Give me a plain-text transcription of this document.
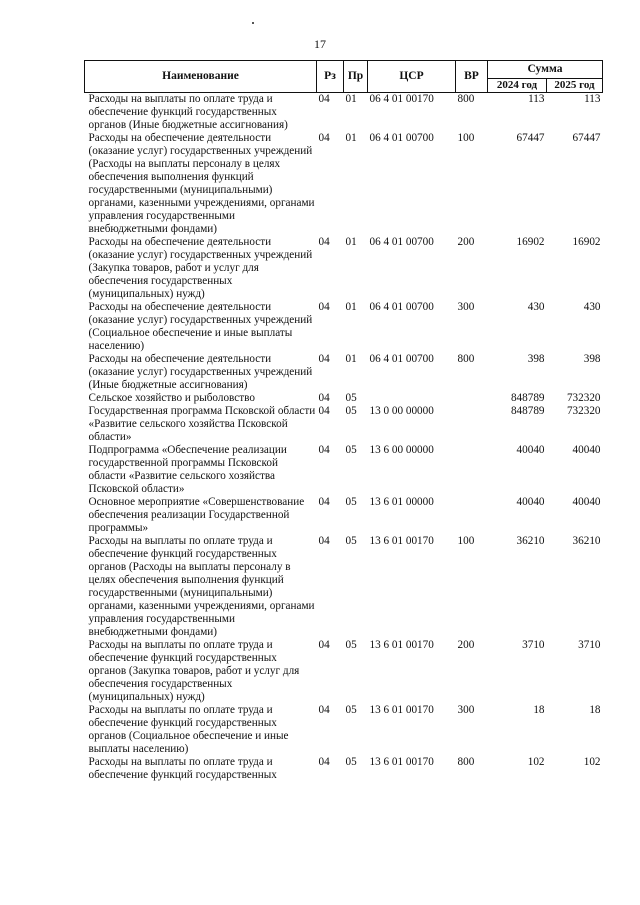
17
Наименование	Рз	Пр	ЦСР	ВР	Сумма	
					2024 год	2025 год
Расходы на выплаты по оплате труда и обеспечение функций государственных органов (Иные бюджетные ассигнования)	04	01	06 4 01 00170	800	113	113
Расходы на обеспечение деятельности (оказание услуг) государственных учреждений (Расходы на выплаты персоналу в целях обеспечения выполнения функций государственными (муниципальными) органами, казенными учреждениями, органами управления государственными внебюджетными фондами)	04	01	06 4 01 00700	100	67447	67447
Расходы на обеспечение деятельности (оказание услуг) государственных учреждений (Закупка товаров, работ и услуг для обеспечения государственных (муниципальных) нужд)	04	01	06 4 01 00700	200	16902	16902
Расходы на обеспечение деятельности (оказание услуг) государственных учреждений (Социальное обеспечение и иные выплаты населению)	04	01	06 4 01 00700	300	430	430
Расходы на обеспечение деятельности (оказание услуг) государственных учреждений (Иные бюджетные ассигнования)	04	01	06 4 01 00700	800	398	398
Сельское хозяйство и рыболовство	04	05			848789	732320
Государственная программа Псковской области «Развитие сельского хозяйства Псковской области»	04	05	13 0 00 00000		848789	732320
Подпрограмма «Обеспечение реализации государственной программы Псковской области «Развитие сельского хозяйства Псковской области»	04	05	13 6 00 00000		40040	40040
Основное мероприятие «Совершенствование обеспечения реализации Государственной программы»	04	05	13 6 01 00000		40040	40040
Расходы на выплаты по оплате труда и обеспечение функций государственных органов (Расходы на выплаты персоналу в целях обеспечения выполнения функций государственными (муниципальными) органами, казенными учреждениями, органами управления государственными внебюджетными фондами)	04	05	13 6 01 00170	100	36210	36210
Расходы на выплаты по оплате труда и обеспечение функций государственных органов (Закупка товаров, работ и услуг для обеспечения государственных (муниципальных) нужд)	04	05	13 6 01 00170	200	3710	3710
Расходы на выплаты по оплате труда и обеспечение функций государственных органов (Социальное обеспечение и иные выплаты населению)	04	05	13 6 01 00170	300	18	18
Расходы на выплаты по оплате труда и обеспечение функций государственных	04	05	13 6 01 00170	800	102	102
